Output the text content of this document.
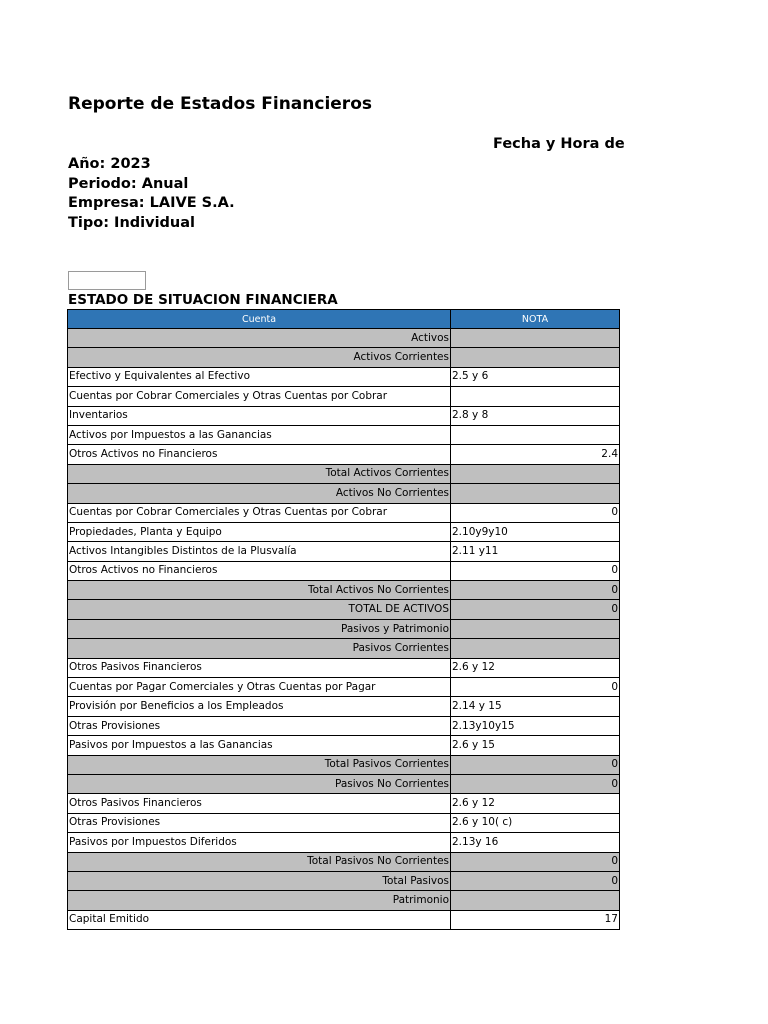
Reporte de Estados Financieros
Fecha y Hora de
Año: 2023
Periodo: Anual
Empresa: LAIVE S.A.
Tipo: Individual
ESTADO DE SITUACION FINANCIERA
Cuenta	NOTA
Activos	
Activos Corrientes	
Efectivo y Equivalentes al Efectivo	2.5 y 6
Cuentas por Cobrar Comerciales y Otras Cuentas por Cobrar	
Inventarios	2.8 y 8
Activos por Impuestos a las Ganancias	
Otros Activos no Financieros	2.4
Total Activos Corrientes	
Activos No Corrientes	
Cuentas por Cobrar Comerciales y Otras Cuentas por Cobrar	0
Propiedades, Planta y Equipo	2.10y9y10
Activos Intangibles Distintos de la Plusvalía	2.11 y11
Otros Activos no Financieros	0
Total Activos No Corrientes	0
TOTAL DE ACTIVOS	0
Pasivos y Patrimonio	
Pasivos Corrientes	
Otros Pasivos Financieros	2.6 y 12
Cuentas por Pagar Comerciales y Otras Cuentas por Pagar	0
Provisión por Beneficios a los Empleados	2.14 y 15
Otras Provisiones	2.13y10y15
Pasivos por Impuestos a las Ganancias	2.6 y 15
Total Pasivos Corrientes	0
Pasivos No Corrientes	0
Otros Pasivos Financieros	2.6 y 12
Otras Provisiones	2.6 y 10( c)
Pasivos por Impuestos Diferidos	2.13y 16
Total Pasivos No Corrientes	0
Total Pasivos	0
Patrimonio	
Capital Emitido	17
